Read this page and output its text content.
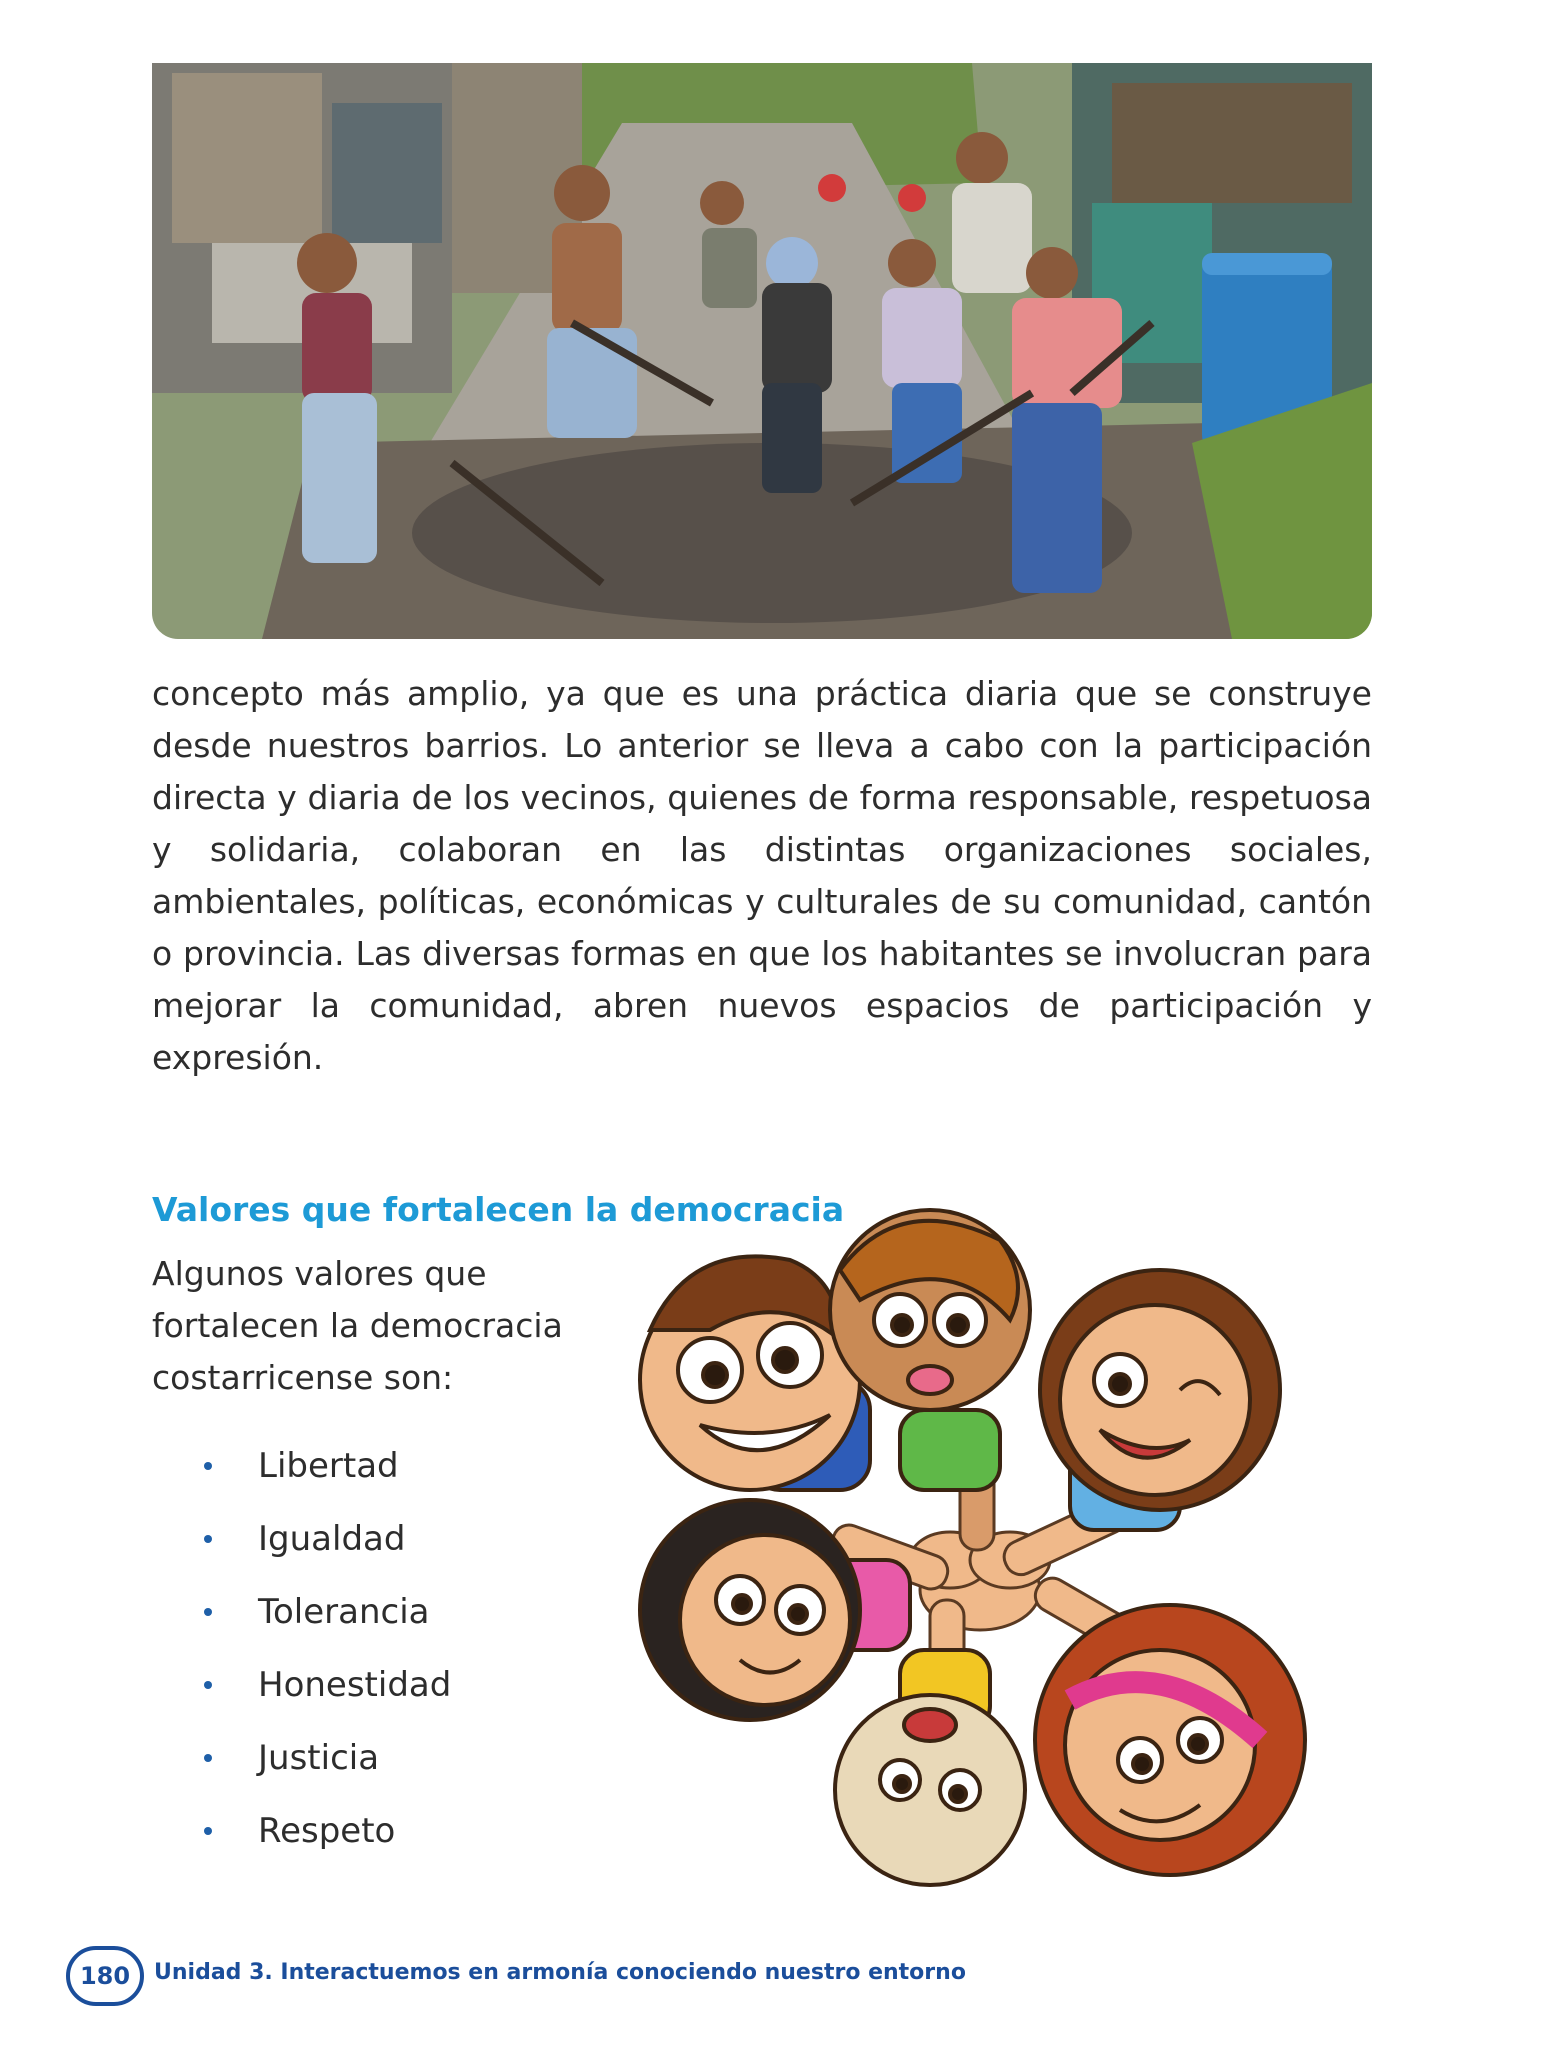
concepto más amplio, ya que es una práctica diaria que se construye desde nuestros barrios. Lo anterior se lleva a cabo con la participación directa y diaria de los vecinos, quienes de forma responsable, respetuosa y solidaria, colaboran en las distintas organizaciones sociales, ambientales, políticas, económicas y culturales de su comunidad, cantón o provincia. Las diversas formas en que los habitantes se involucran para mejorar la comunidad, abren nuevos espacios de participación y expresión.

Valores que fortalecen la democracia

Algunos valores que
fortalecen la democracia
costarricense son:

Libertad
Igualdad
Tolerancia
Honestidad
Justicia
Respeto
180	Unidad 3. Interactuemos en armonía conociendo nuestro entorno
